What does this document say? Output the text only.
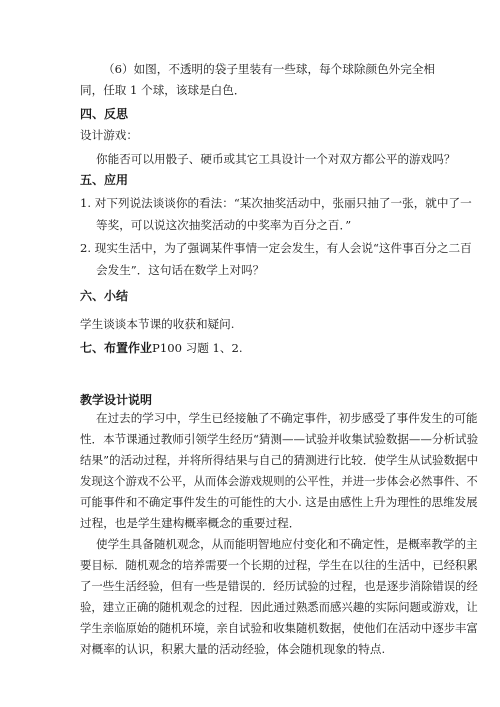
（6）如图，不透明的袋子里装有一些球，每个球除颜色外完全相
同，任取 1 个球，该球是白色．
四、反思
设计游戏：
你能否可以用骰子、硬币或其它工具设计一个对双方都公平的游戏吗？
五、应用
1. 对下列说法谈谈你的看法：“某次抽奖活动中，张丽只抽了一张，就中了一
等奖，可以说这次抽奖活动的中奖率为百分之百．”
2. 现实生活中，为了强调某件事情一定会发生，有人会说“这件事百分之二百
会发生”．这句话在数学上对吗？
六、小结
学生谈谈本节课的收获和疑问.
七、布置作业P100 习题 1、2.
教学设计说明
在过去的学习中，学生已经接触了不确定事件，初步感受了事件发生的可能
性．本节课通过教师引领学生经历“猜测——试验并收集试验数据——分析试验
结果”的活动过程，并将所得结果与自己的猜测进行比较．使学生从试验数据中
发现这个游戏不公平，从而体会游戏规则的公平性，并进一步体会必然事件、不
可能事件和不确定事件发生的可能性的大小. 这是由感性上升为理性的思维发展
过程，也是学生建构概率概念的重要过程．
使学生具备随机观念，从而能明智地应付变化和不确定性，是概率教学的主
要目标．随机观念的培养需要一个长期的过程，学生在以往的生活中，已经积累
了一些生活经验，但有一些是错误的．经历试验的过程，也是逐步消除错误的经
验，建立正确的随机观念的过程．因此通过熟悉而感兴趣的实际问题或游戏，让
学生亲临原始的随机环境，亲自试验和收集随机数据，使他们在活动中逐步丰富
对概率的认识，积累大量的活动经验，体会随机现象的特点.
